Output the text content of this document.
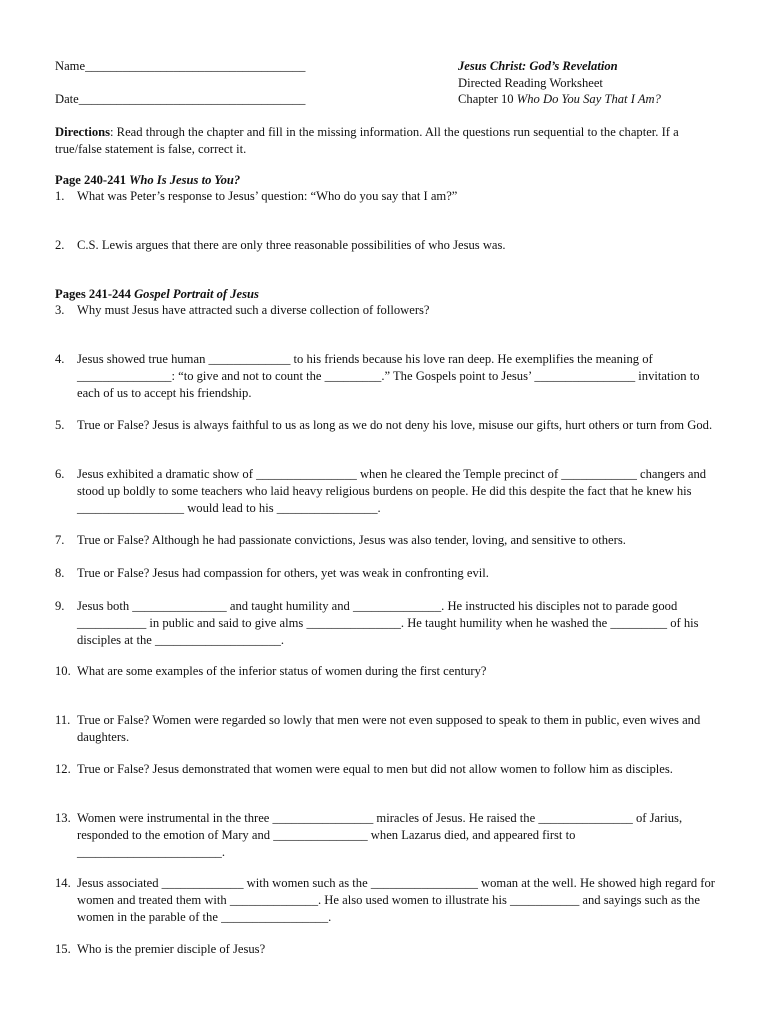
Name___________________________________
Date____________________________________
Jesus Christ: God’s Revelation
Directed Reading Worksheet
Chapter 10 Who Do You Say That I Am?
Directions: Read through the chapter and fill in the missing information. All the questions run sequential to the chapter. If a true/false statement is false, correct it.
Page 240-241 Who Is Jesus to You?
1. What was Peter’s response to Jesus’ question: “Who do you say that I am?”
2. C.S. Lewis argues that there are only three reasonable possibilities of who Jesus was.
Pages 241-244 Gospel Portrait of Jesus
3. Why must Jesus have attracted such a diverse collection of followers?
4. Jesus showed true human _____________ to his friends because his love ran deep. He exemplifies the meaning of _______________: “to give and not to count the _________.” The Gospels point to Jesus’ ________________ invitation to each of us to accept his friendship.
5. True or False? Jesus is always faithful to us as long as we do not deny his love, misuse our gifts, hurt others or turn from God.
6. Jesus exhibited a dramatic show of ________________ when he cleared the Temple precinct of ____________ changers and stood up boldly to some teachers who laid heavy religious burdens on people. He did this despite the fact that he knew his _________________ would lead to his ________________.
7. True or False? Although he had passionate convictions, Jesus was also tender, loving, and sensitive to others.
8. True or False? Jesus had compassion for others, yet was weak in confronting evil.
9. Jesus both _______________ and taught humility and ______________. He instructed his disciples not to parade good ___________ in public and said to give alms _______________. He taught humility when he washed the _________ of his disciples at the ____________________.
10. What are some examples of the inferior status of women during the first century?
11. True or False? Women were regarded so lowly that men were not even supposed to speak to them in public, even wives and daughters.
12. True or False? Jesus demonstrated that women were equal to men but did not allow women to follow him as disciples.
13. Women were instrumental in the three ________________ miracles of Jesus. He raised the _______________ of Jarius, responded to the emotion of Mary and _______________ when Lazarus died, and appeared first to _______________________.
14. Jesus associated _____________ with women such as the _________________ woman at the well. He showed high regard for women and treated them with ______________. He also used women to illustrate his ___________ and sayings such as the women in the parable of the _________________.
15. Who is the premier disciple of Jesus?
